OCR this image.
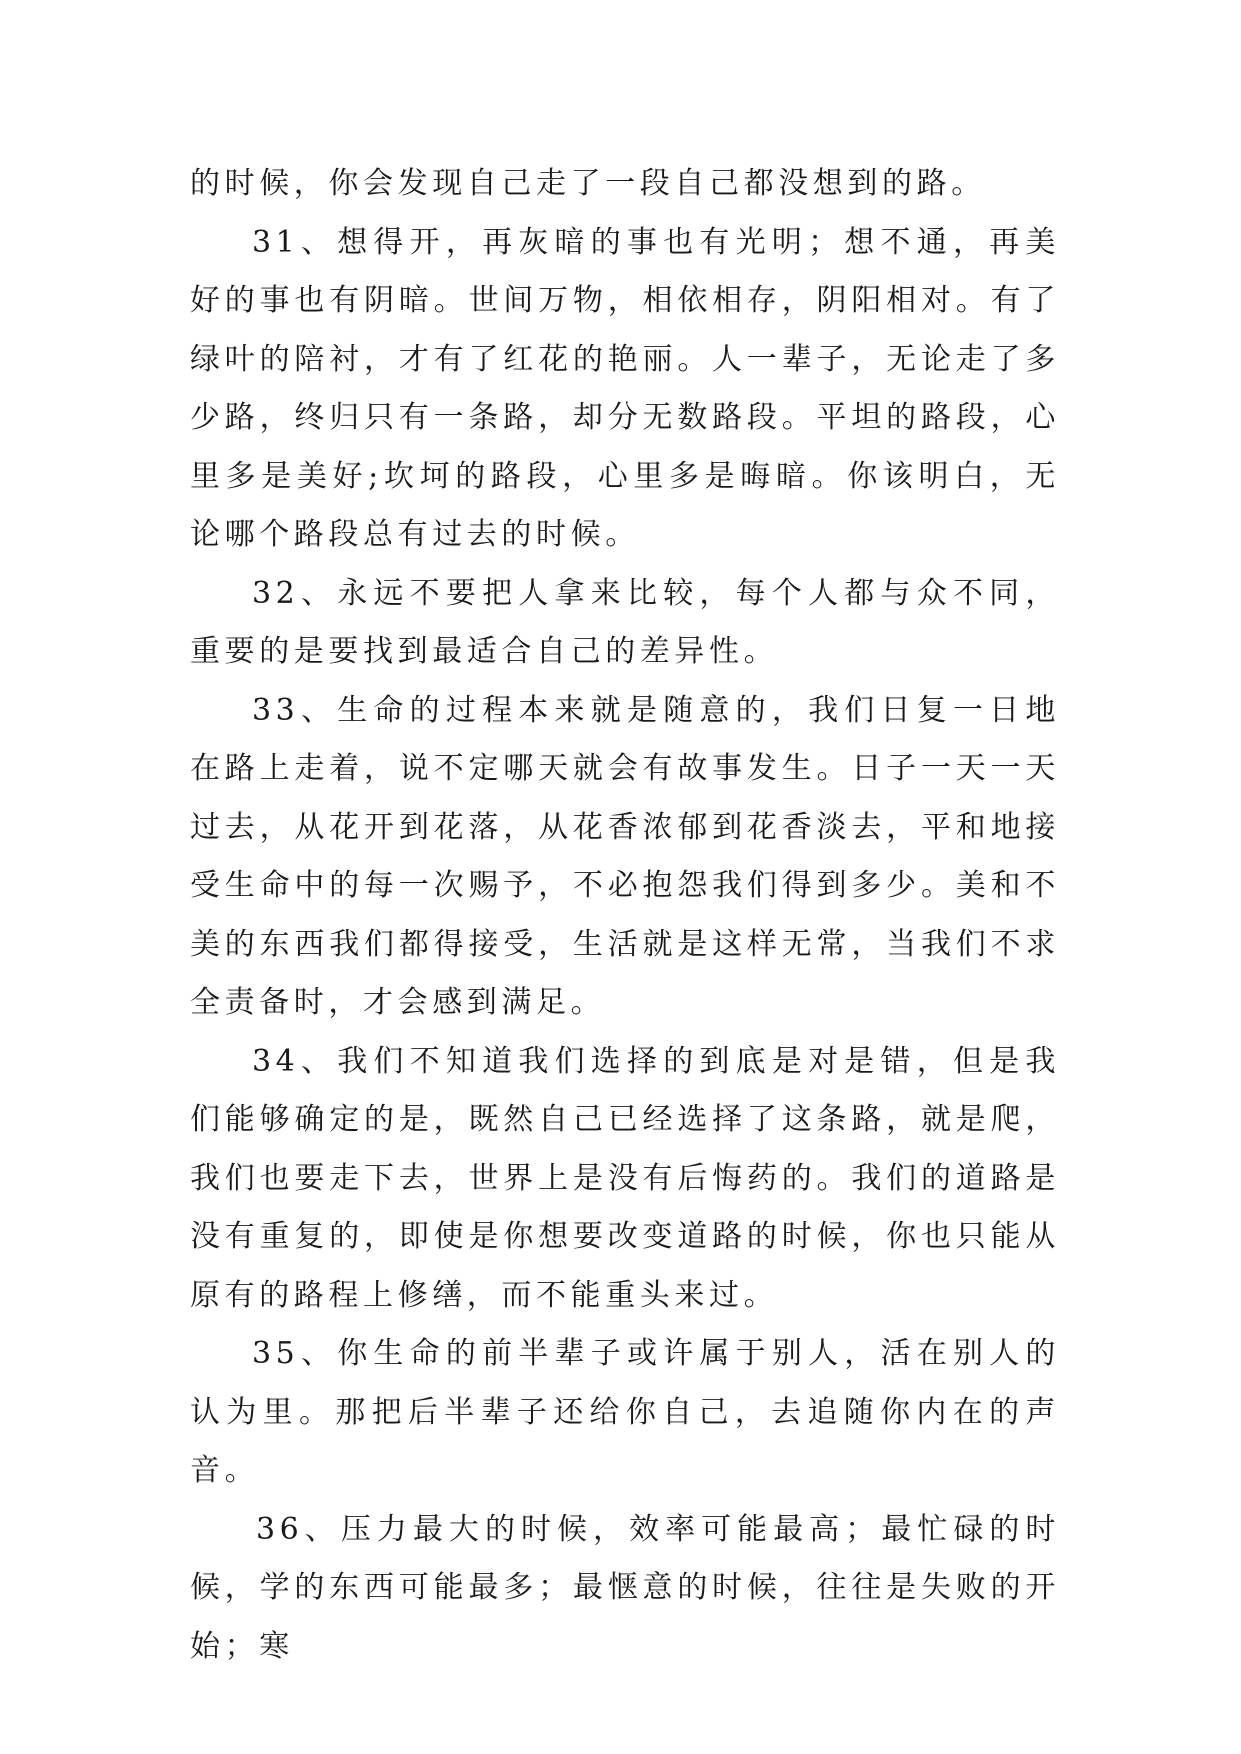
的时候，你会发现自己走了一段自己都没想到的路。

31、想得开，再灰暗的事也有光明；想不通，再美好的事也有阴暗。世间万物，相依相存，阴阳相对。有了绿叶的陪衬，才有了红花的艳丽。人一辈子，无论走了多少路，终归只有一条路，却分无数路段。平坦的路段，心里多是美好;坎坷的路段，心里多是晦暗。你该明白，无论哪个路段总有过去的时候。

32、永远不要把人拿来比较，每个人都与众不同，重要的是要找到最适合自己的差异性。

33、生命的过程本来就是随意的，我们日复一日地在路上走着，说不定哪天就会有故事发生。日子一天一天过去，从花开到花落，从花香浓郁到花香淡去，平和地接受生命中的每一次赐予，不必抱怨我们得到多少。美和不美的东西我们都得接受，生活就是这样无常，当我们不求全责备时，才会感到满足。

34、我们不知道我们选择的到底是对是错，但是我们能够确定的是，既然自己已经选择了这条路，就是爬，我们也要走下去，世界上是没有后悔药的。我们的道路是没有重复的，即使是你想要改变道路的时候，你也只能从原有的路程上修缮，而不能重头来过。

35、你生命的前半辈子或许属于别人，活在别人的认为里。那把后半辈子还给你自己，去追随你内在的声音。

36、压力最大的时候，效率可能最高；最忙碌的时候，学的东西可能最多；最惬意的时候，往往是失败的开始；寒
